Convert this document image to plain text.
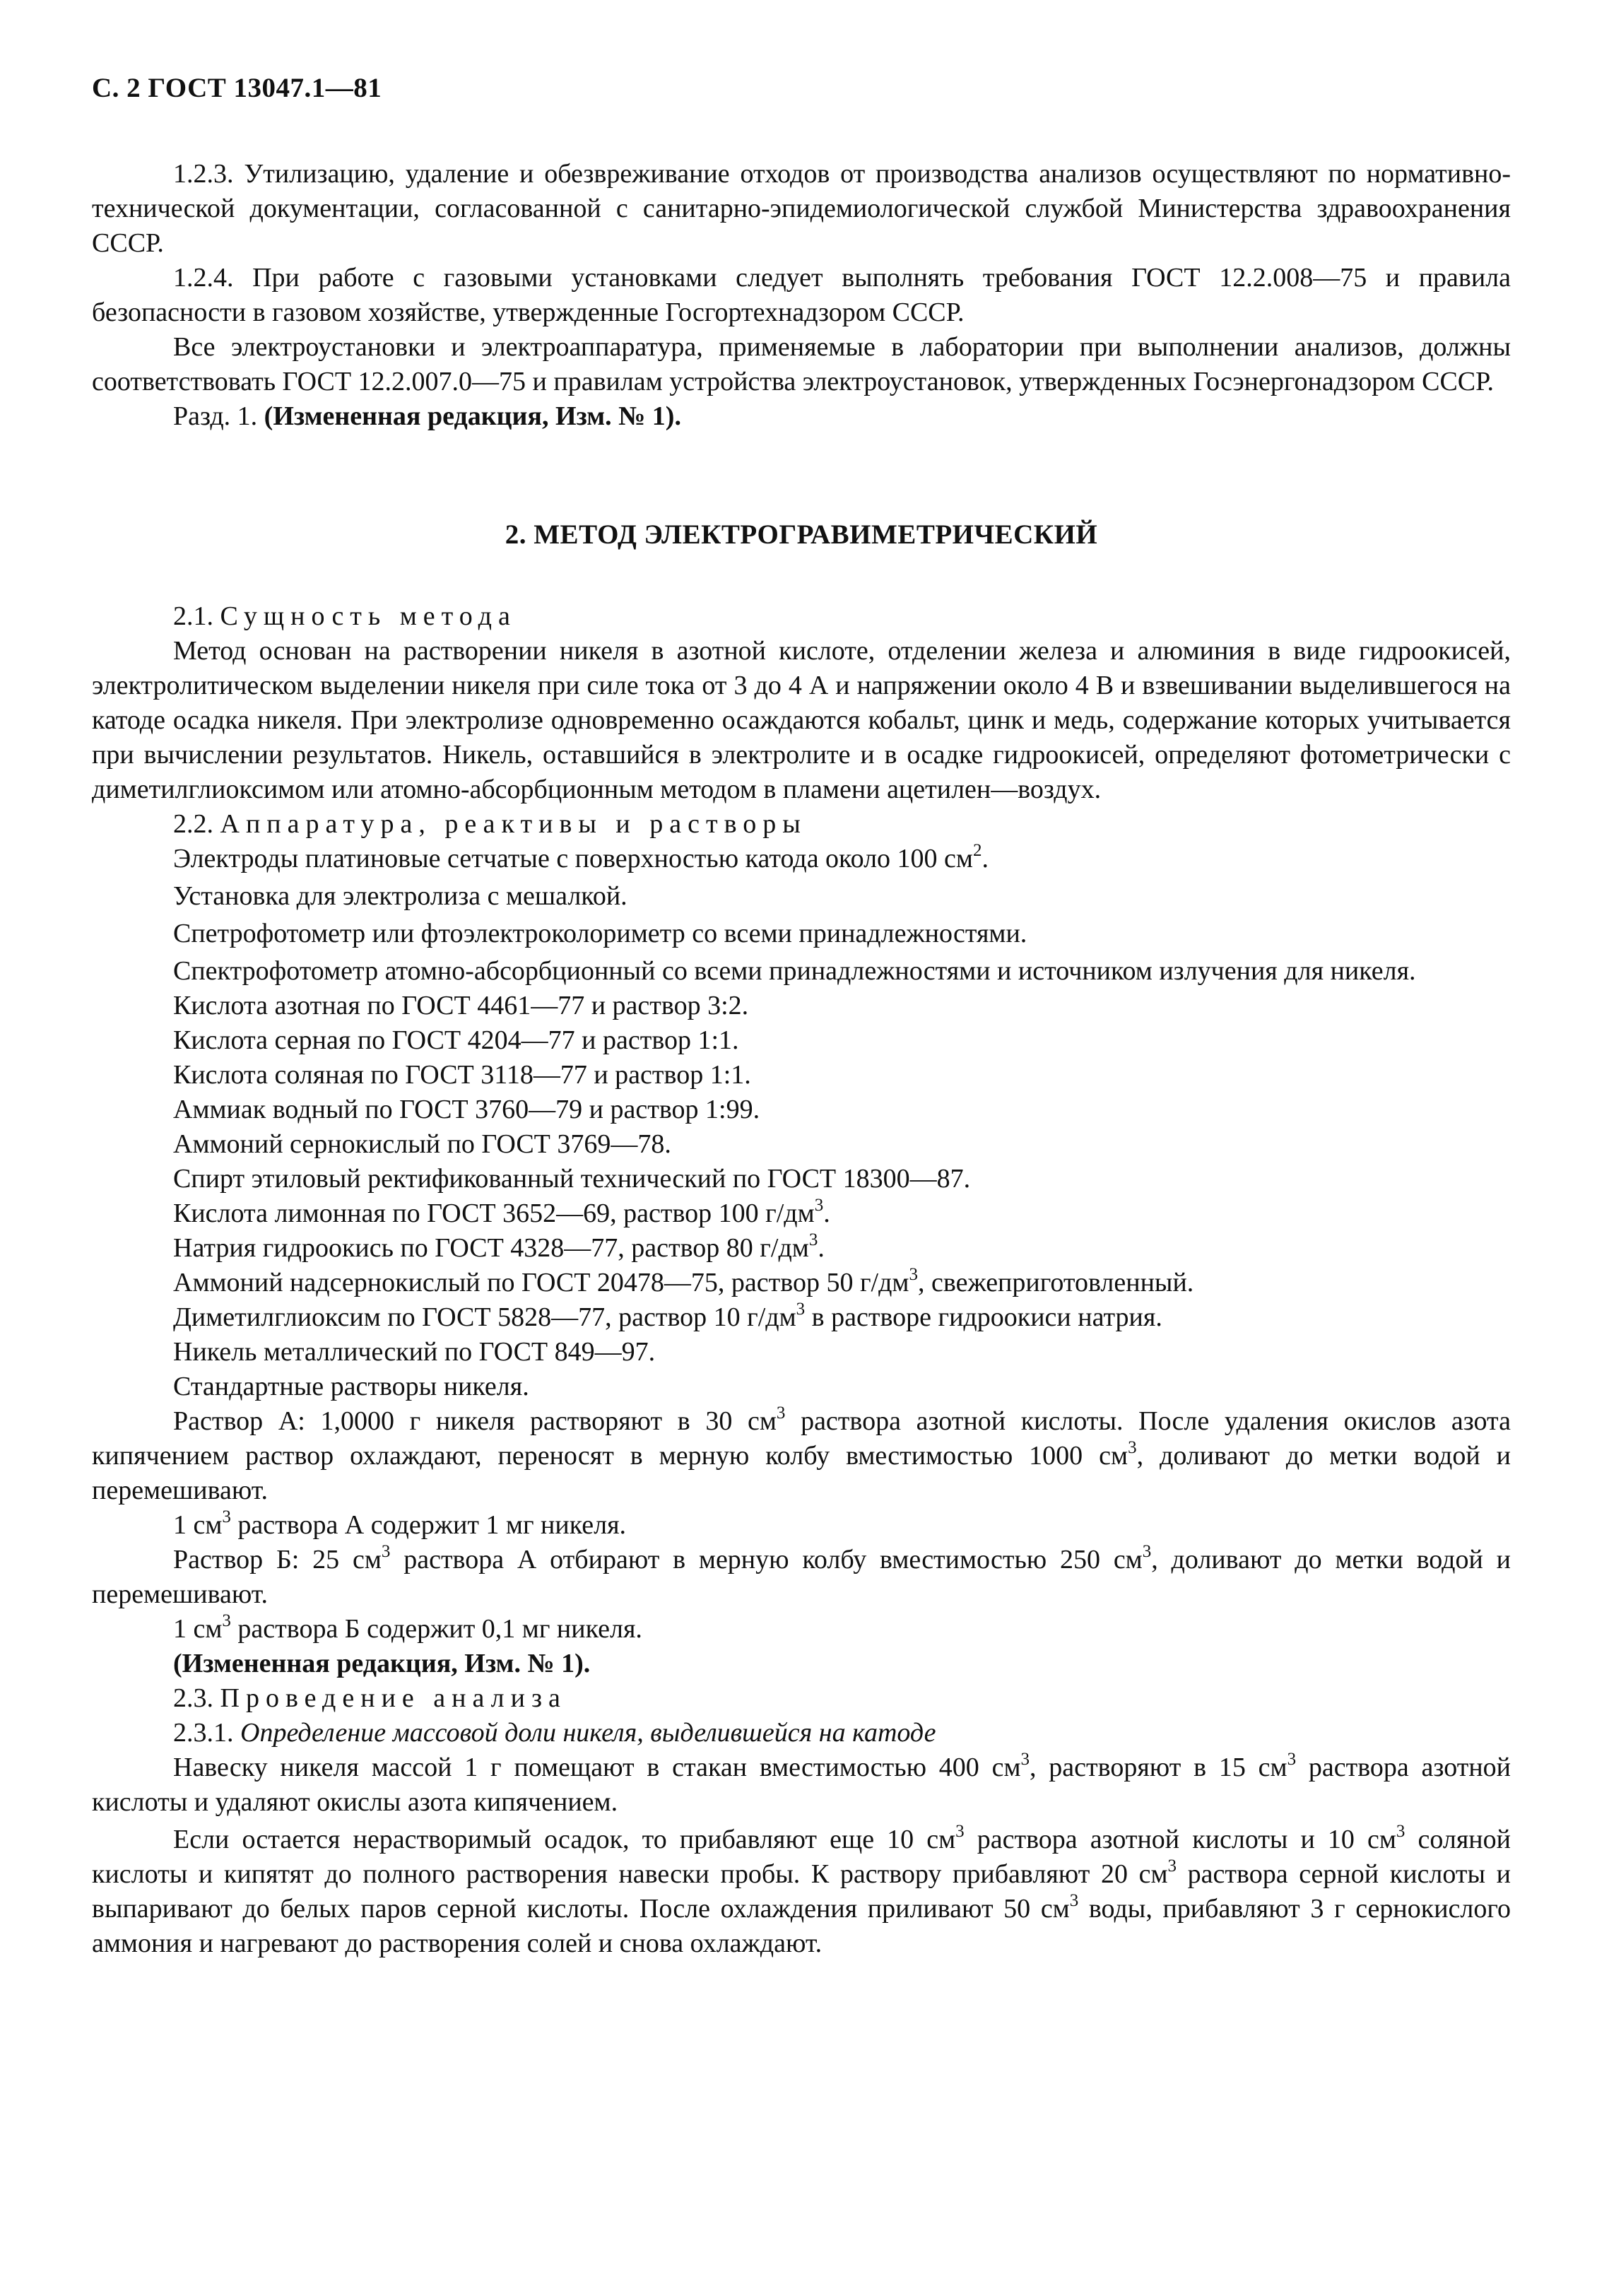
С. 2 ГОСТ 13047.1—81

1.2.3. Утилизацию, удаление и обезвреживание отходов от производства анализов осуществляют по нормативно-технической документации, согласованной с санитарно-эпидемиологической службой Министерства здравоохранения СССР.

1.2.4. При работе с газовыми установками следует выполнять требования ГОСТ 12.2.008—75 и правила безопасности в газовом хозяйстве, утвержденные Госгортехнадзором СССР.

Все электроустановки и электроаппаратура, применяемые в лаборатории при выполнении анализов, должны соответствовать ГОСТ 12.2.007.0—75 и правилам устройства электроустановок, утвержденных Госэнергонадзором СССР.

Разд. 1. (Измененная редакция, Изм. № 1).

2. МЕТОД ЭЛЕКТРОГРАВИМЕТРИЧЕСКИЙ

2.1. Сущность метода

Метод основан на растворении никеля в азотной кислоте, отделении железа и алюминия в виде гидроокисей, электролитическом выделении никеля при силе тока от 3 до 4 А и напряжении около 4 В и взвешивании выделившегося на катоде осадка никеля. При электролизе одновременно осаждаются кобальт, цинк и медь, содержание которых учитывается при вычислении результатов. Никель, оставшийся в электролите и в осадке гидроокисей, определяют фотометрически с диметилглиоксимом или атомно-абсорбционным методом в пламени ацетилен—воздух.

2.2. Аппаратура, реактивы и растворы

Электроды платиновые сетчатые с поверхностью катода около 100 $см^2$.

Установка для электролиза с мешалкой.

Спетрофотометр или фтоэлектроколориметр со всеми принадлежностями.

Спектрофотометр атомно-абсорбционный со всеми принадлежностями и источником излучения для никеля.

Кислота азотная по ГОСТ 4461—77 и раствор 3:2.

Кислота серная по ГОСТ 4204—77 и раствор 1:1.

Кислота соляная по ГОСТ 3118—77 и раствор 1:1.

Аммиак водный по ГОСТ 3760—79 и раствор 1:99.

Аммоний сернокислый по ГОСТ 3769—78.

Спирт этиловый ректификованный технический по ГОСТ 18300—87.

Кислота лимонная по ГОСТ 3652—69, раствор 100 $г/дм^3$.

Натрия гидроокись по ГОСТ 4328—77, раствор 80 $г/дм^3$.

Аммоний надсернокислый по ГОСТ 20478—75, раствор 50 $г/дм^3$, свежеприготовленный.

Диметилглиоксим по ГОСТ 5828—77, раствор 10 $г/дм^3$ в растворе гидроокиси натрия.

Никель металлический по ГОСТ 849—97.

Стандартные растворы никеля.

Раствор А: 1,0000 г никеля растворяют в 30 $см^3$ раствора азотной кислоты. После удаления окислов азота кипячением раствор охлаждают, переносят в мерную колбу вместимостью 1000 $см^3$, доливают до метки водой и перемешивают.

1 $см^3$ раствора А содержит 1 мг никеля.

Раствор Б: 25 $см^3$ раствора А отбирают в мерную колбу вместимостью 250 $см^3$, доливают до метки водой и перемешивают.

1 $см^3$ раствора Б содержит 0,1 мг никеля.

(Измененная редакция, Изм. № 1).

2.3. Проведение анализа

2.3.1. Определение массовой доли никеля, выделившейся на катоде

Навеску никеля массой 1 г помещают в стакан вместимостью 400 $см^3$, растворяют в 15 $см^3$ раствора азотной кислоты и удаляют окислы азота кипячением.

Если остается нерастворимый осадок, то прибавляют еще 10 $см^3$ раствора азотной кислоты и 10 $см^3$ соляной кислоты и кипятят до полного растворения навески пробы. К раствору прибавляют 20 $см^3$ раствора серной кислоты и выпаривают до белых паров серной кислоты. После охлаждения приливают 50 $см^3$ воды, прибавляют 3 г сернокислого аммония и нагревают до растворения солей и снова охлаждают.
